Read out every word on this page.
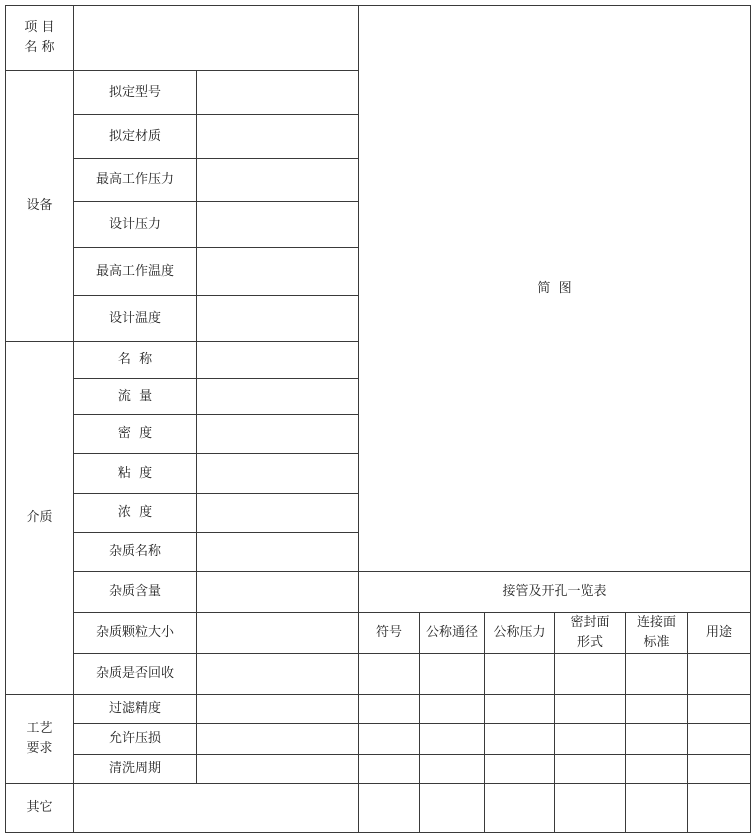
项 目
名 称
简  图
设备
拟定型号
拟定材质
最高工作压力
设计压力
最高工作温度
设计温度
介质
名  称
流  量
密  度
粘  度
浓  度
杂质名称
杂质含量
杂质颗粒大小
杂质是否回收
工艺
要求
过滤精度
允许压损
清洗周期
其它
接管及开孔一览表
符号	公称通径	公称压力
密封面
形式
连接面
标准
用途
